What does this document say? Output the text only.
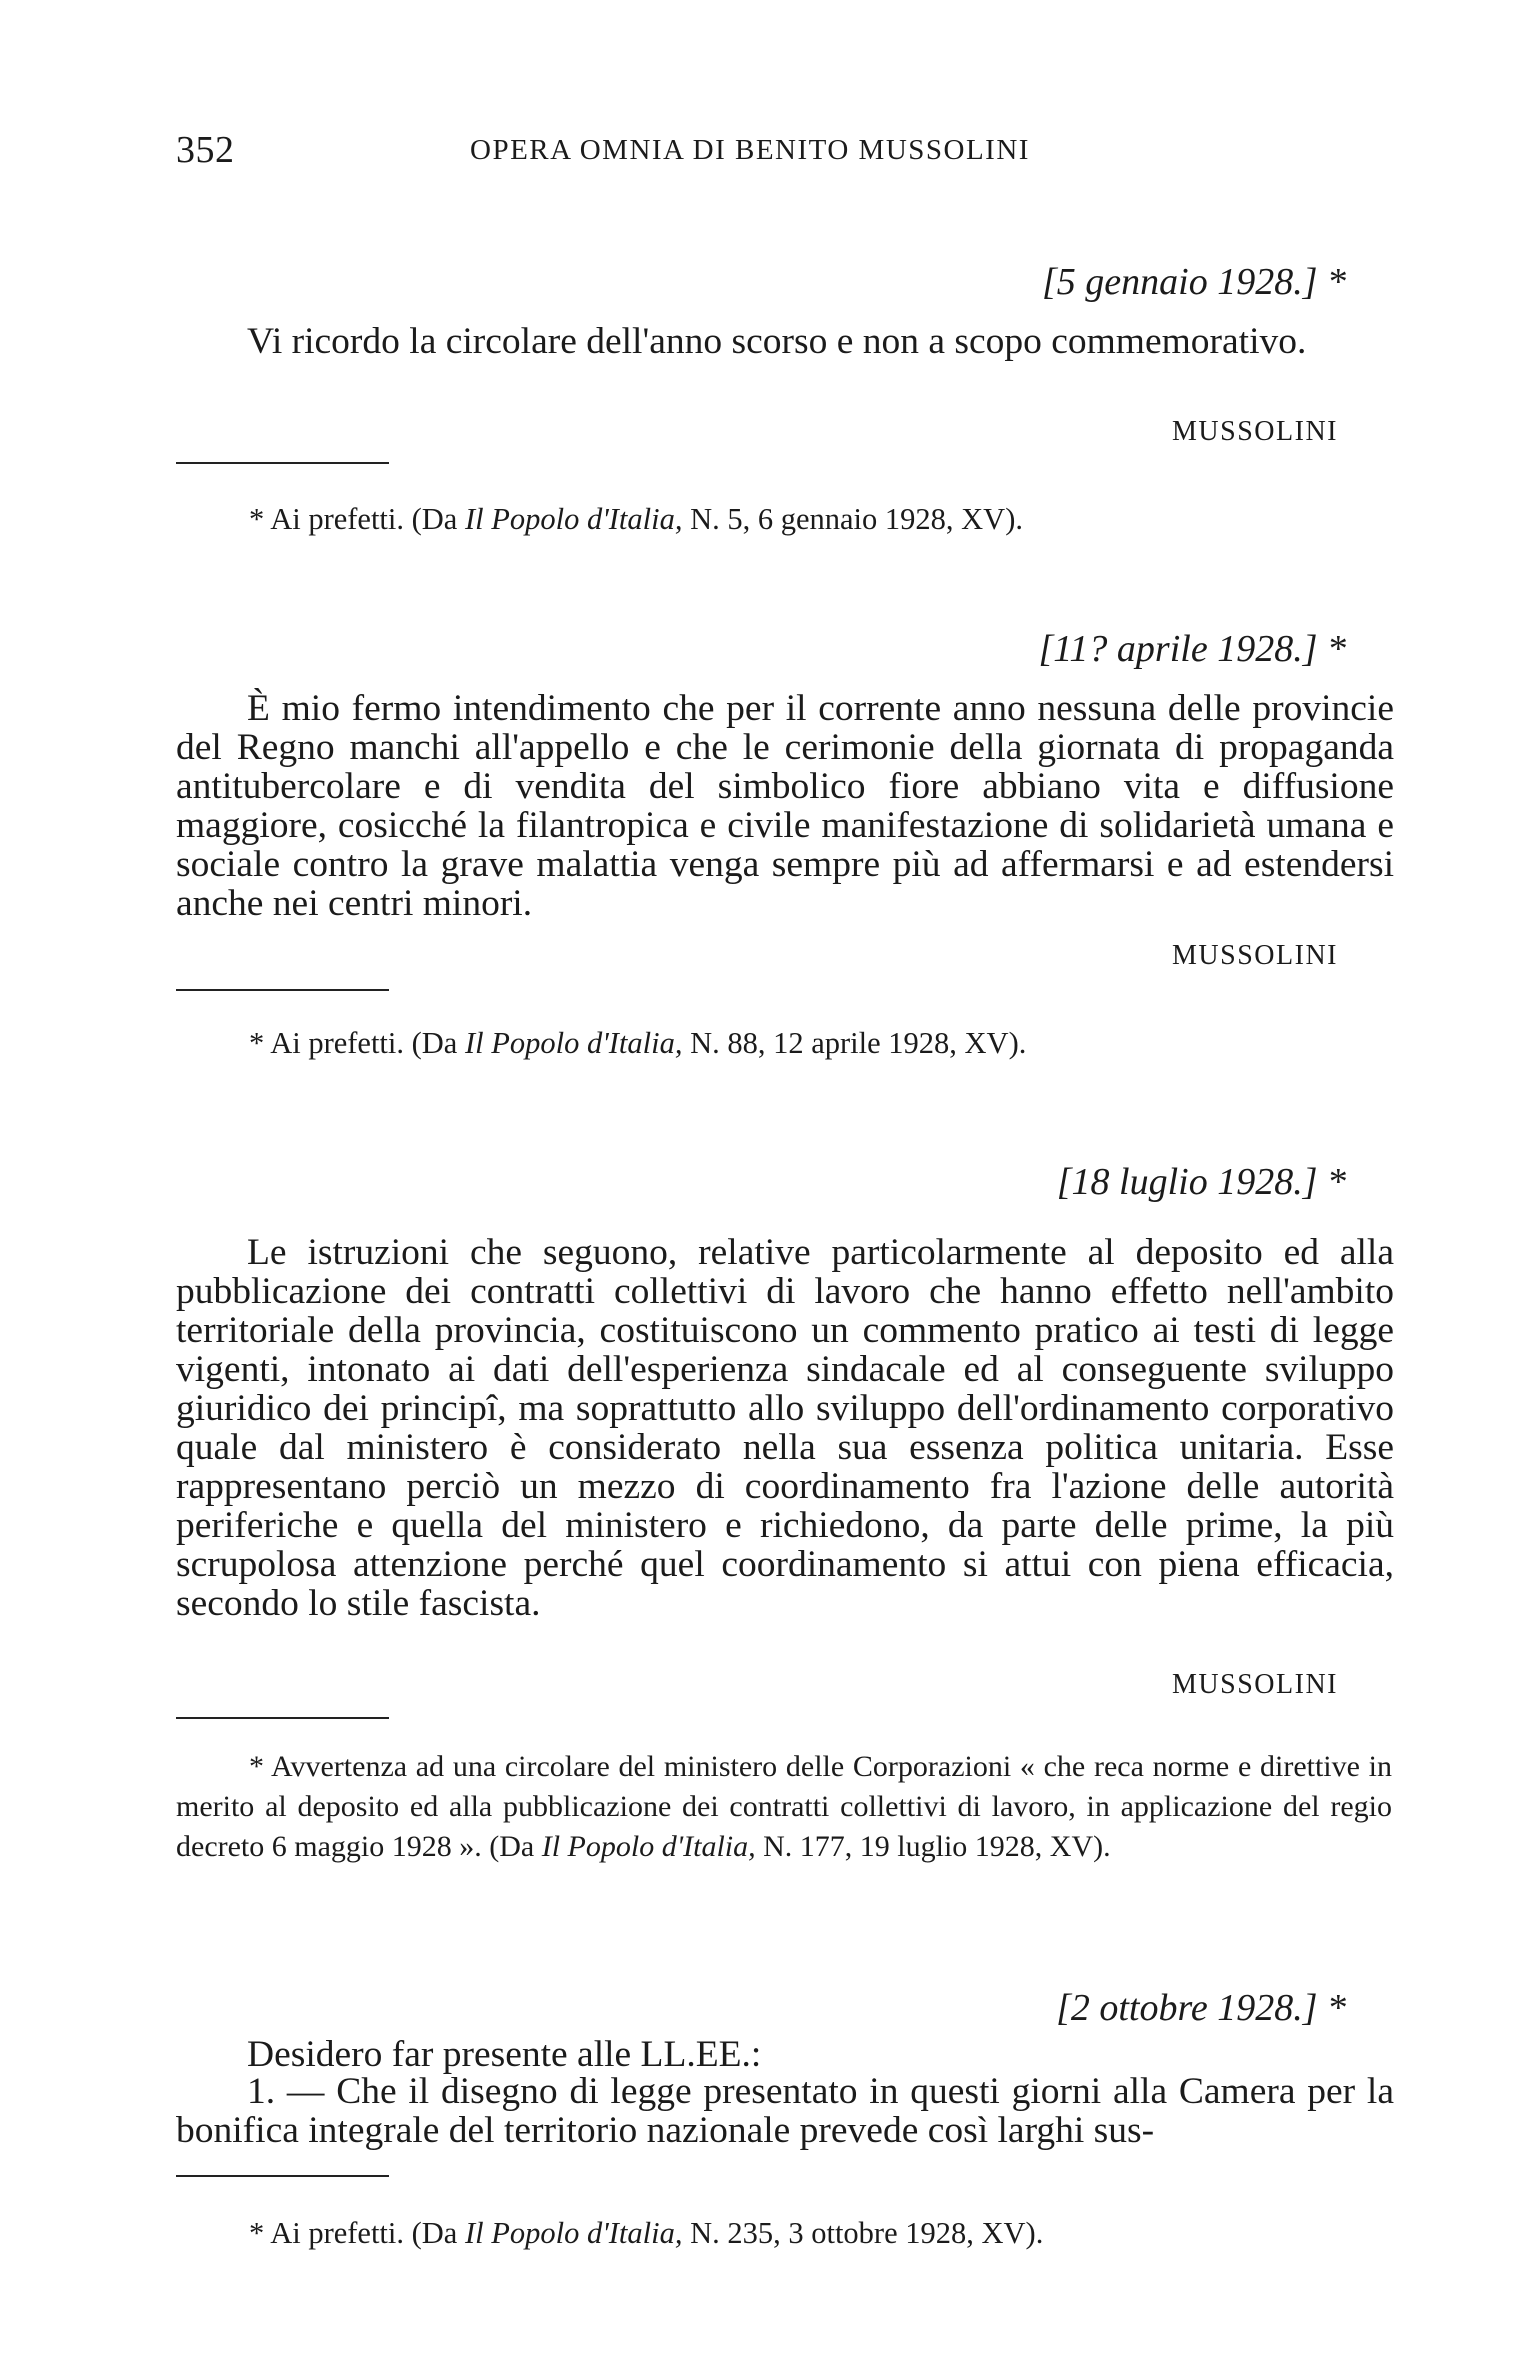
352	OPERA OMNIA DI BENITO MUSSOLINI
[5 gennaio 1928.] *
Vi ricordo la circolare dell'anno scorso e non a scopo commemorativo.
MUSSOLINI
* Ai prefetti. (Da Il Popolo d'Italia, N. 5, 6 gennaio 1928, XV).
[11? aprile 1928.] *
È mio fermo intendimento che per il corrente anno nessuna delle provincie del Regno manchi all'appello e che le cerimonie della giornata di propaganda antitubercolare e di vendita del simbolico fiore abbiano vita e diffusione maggiore, cosicché la filantropica e civile manifestazione di solidarietà umana e sociale contro la grave malattia venga sempre più ad affermarsi e ad estendersi anche nei centri minori.
MUSSOLINI
* Ai prefetti. (Da Il Popolo d'Italia, N. 88, 12 aprile 1928, XV).
[18 luglio 1928.] *
Le istruzioni che seguono, relative particolarmente al deposito ed alla pubblicazione dei contratti collettivi di lavoro che hanno effetto nell'ambito territoriale della provincia, costituiscono un commento pratico ai testi di legge vigenti, intonato ai dati dell'esperienza sindacale ed al conseguente sviluppo giuridico dei principî, ma soprattutto allo sviluppo dell'ordinamento corporativo quale dal ministero è considerato nella sua essenza politica unitaria. Esse rappresentano perciò un mezzo di coordinamento fra l'azione delle autorità periferiche e quella del ministero e richiedono, da parte delle prime, la più scrupolosa attenzione perché quel coordinamento si attui con piena efficacia, secondo lo stile fascista.
MUSSOLINI
* Avvertenza ad una circolare del ministero delle Corporazioni « che reca norme e direttive in merito al deposito ed alla pubblicazione dei contratti collettivi di lavoro, in applicazione del regio decreto 6 maggio 1928 ». (Da Il Popolo d'Italia, N. 177, 19 luglio 1928, XV).
[2 ottobre 1928.] *
Desidero far presente alle LL.EE.:
1. — Che il disegno di legge presentato in questi giorni alla Camera per la bonifica integrale del territorio nazionale prevede così larghi sus-
* Ai prefetti. (Da Il Popolo d'Italia, N. 235, 3 ottobre 1928, XV).
